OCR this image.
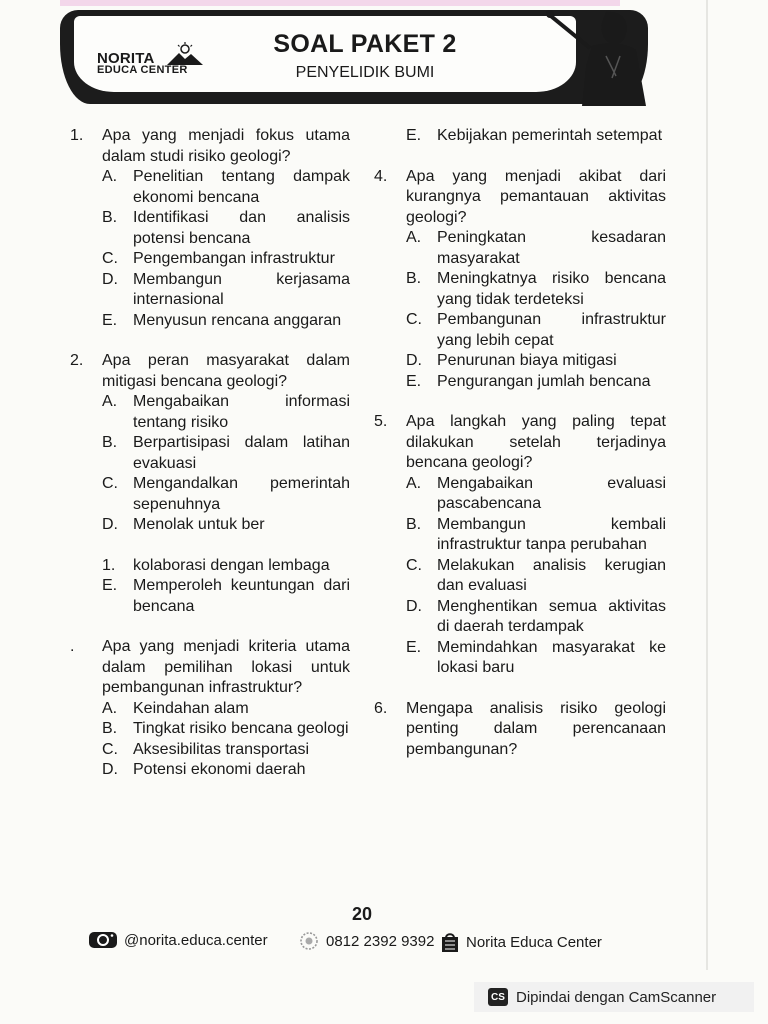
NORITA
EDUCA CENTER
SOAL PAKET 2
PENYELIDIK BUMI
1.	Apa yang menjadi fokus utama dalam studi risiko geologi?
A. Penelitian tentang dampak ekonomi bencana
B. Identifikasi dan analisis potensi bencana
C. Pengembangan infrastruktur
D. Membangun kerjasama internasional
E. Menyusun rencana anggaran
2.	Apa peran masyarakat dalam mitigasi bencana geologi?
A. Mengabaikan informasi tentang risiko
B. Berpartisipasi dalam latihan evakuasi
C. Mengandalkan pemerintah sepenuhnya
D. Menolak untuk ber
1.	kolaborasi dengan lembaga
E. Memperoleh keuntungan dari bencana
.	Apa yang menjadi kriteria utama dalam pemilihan lokasi untuk pembangunan infrastruktur?
A. Keindahan alam
B. Tingkat risiko bencana geologi
C. Aksesibilitas transportasi
D. Potensi ekonomi daerah
E. Kebijakan pemerintah setempat
4.	Apa yang menjadi akibat dari kurangnya pemantauan aktivitas geologi?
A. Peningkatan kesadaran masyarakat
B. Meningkatnya risiko bencana yang tidak terdeteksi
C. Pembangunan infrastruktur yang lebih cepat
D. Penurunan biaya mitigasi
E. Pengurangan jumlah bencana
5.	Apa langkah yang paling tepat dilakukan setelah terjadinya bencana geologi?
A. Mengabaikan evaluasi pascabencana
B. Membangun kembali infrastruktur tanpa perubahan
C. Melakukan analisis kerugian dan evaluasi
D. Menghentikan semua aktivitas di daerah terdampak
E. Memindahkan masyarakat ke lokasi baru
6.	Mengapa analisis risiko geologi penting dalam perencanaan pembangunan?
20
@norita.educa.center	0812 2392 9392 Norita Educa Center
CS Dipindai dengan CamScanner
